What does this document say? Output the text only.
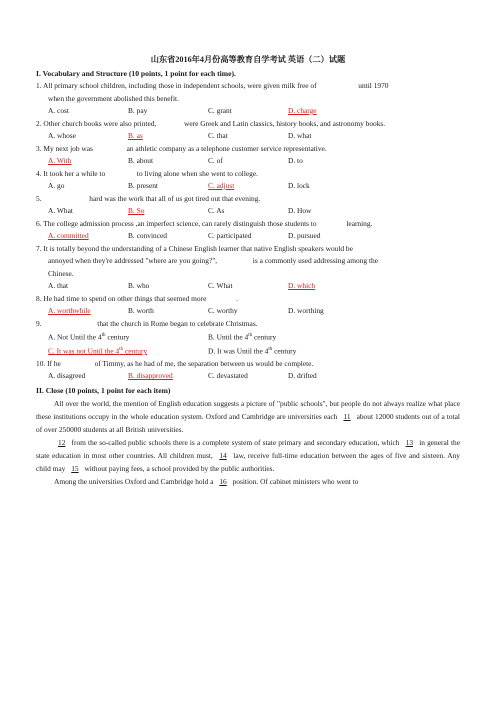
山东省2016年4月份高等教育自学考试 英语（二）试题
I. Vocabulary and Structure (10 points, 1 point for each time).
1. All primary school children, including those in independent schools, were given milk free of	until 1970
when the government abolished this benefit.
A. cost	B. pay	C. grant	D. charge
2. Other church books were also printed,	were Greek and Latin classics, history books, and astronomy books.
A. whose	B. as	C. that	D. what
3. My next job was	an athletic company as a telephone customer service representative.
A. With	B. about	C. of	D. to
4. It took her a while to	to living alone when she went to college.
A. go	B. present	C. adjust	D. lock
5.	hard was the work that all of us got tired out that evening.
A. What	B. So	C. As	D. How
6. The college admission process ,an imperfect science, can rarely distinguish those students to	learning.
A. committed	B. convinced	C. participated	D. pursued
7. It is totally beyond the understanding of a Chinese English learner that native English speakers would be
annoyed when they're addressed "where are you going?",	is a commonly used addressing among the
Chinese.
A. that	B. who	C. What	D. which
8. He had time to spend on other things that seemed more	.
A. worthwhile	B. worth	C. worthy	D. worthing
9.	that the church in Rome began to celebrate Christmas.
A. Not Until the 4th century	B. Until the 4th century
C. It was not Until the 4th century	D. It was Until the 4th century
10. If he	of Timmy, as he had of me, the separation between us would be complete.
A. disagreed	B. disapproved	C. devastated	D. drifted
II. Close (10 points, 1 point for each item)
All over the world, the mention of English education suggests a picture of "public schools", but people do not always realize what place these institutions occupy in the whole education system. Oxford and Cambridge are universities each 11 about 12000 students out of a total of over 250000 students at all British universities.
12 from the so-called public schools there is a complete system of state primary and secondary education, which 13 in general the state education in most other countries. All children must, 14 law, receive full-time education between the ages of five and sixteen. Any child may 15 without paying fees, a school provided by the public authorities.
Among the universities Oxford and Cambridge hold a 16 position. Of cabinet ministers who went to
